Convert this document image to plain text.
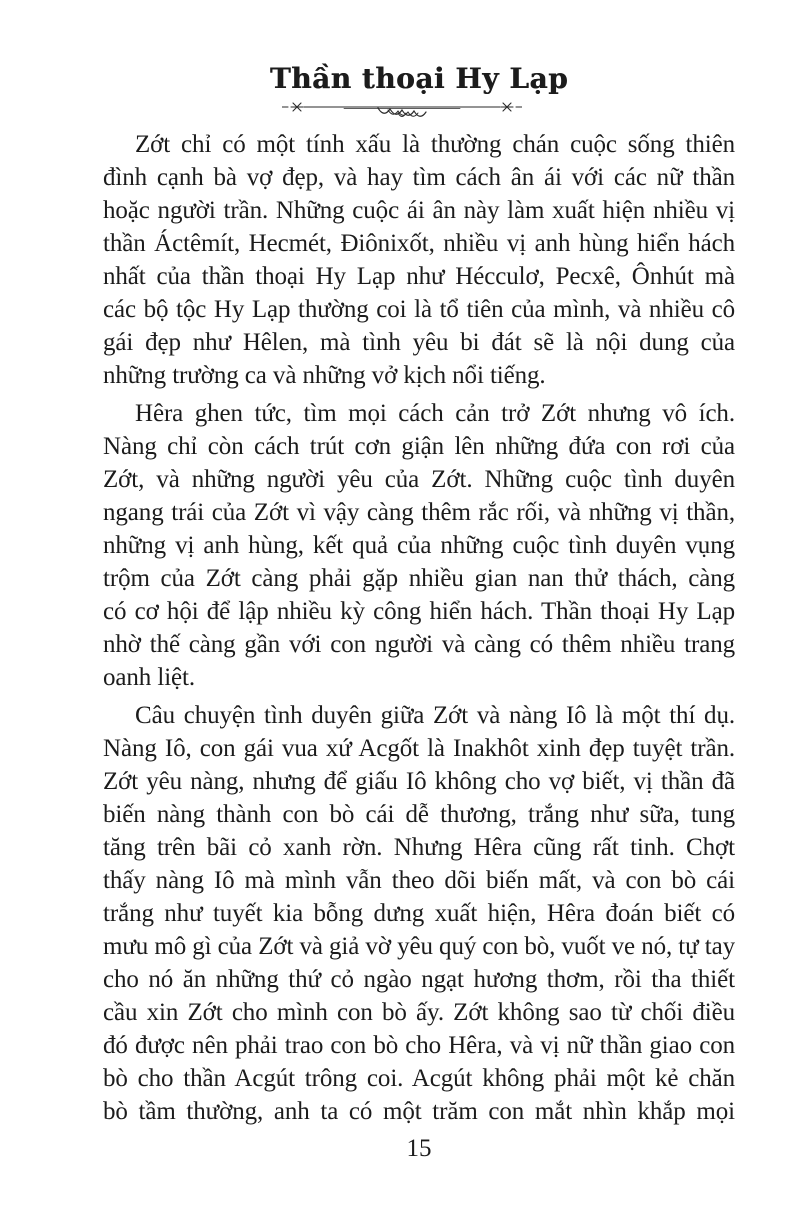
Thần thoại Hy Lạp
Zớt chỉ có một tính xấu là thường chán cuộc sống thiên
đình cạnh bà vợ đẹp, và hay tìm cách ân ái với các nữ thần
hoặc người trần. Những cuộc ái ân này làm xuất hiện nhiều vị
thần Áctêmít, Hecmét, Điônixốt, nhiều vị anh hùng hiển hách
nhất của thần thoại Hy Lạp như Hécculơ, Pecxê, Ônhút mà
các bộ tộc Hy Lạp thường coi là tổ tiên của mình, và nhiều cô
gái đẹp như Hêlen, mà tình yêu bi đát sẽ là nội dung của
những trường ca và những vở kịch nổi tiếng.
Hêra ghen tức, tìm mọi cách cản trở Zớt nhưng vô ích.
Nàng chỉ còn cách trút cơn giận lên những đứa con rơi của
Zớt, và những người yêu của Zớt. Những cuộc tình duyên
ngang trái của Zớt vì vậy càng thêm rắc rối, và những vị thần,
những vị anh hùng, kết quả của những cuộc tình duyên vụng
trộm của Zớt càng phải gặp nhiều gian nan thử thách, càng
có cơ hội để lập nhiều kỳ công hiển hách. Thần thoại Hy Lạp
nhờ thế càng gần với con người và càng có thêm nhiều trang
oanh liệt.
Câu chuyện tình duyên giữa Zớt và nàng Iô là một thí dụ.
Nàng Iô, con gái vua xứ Acgốt là Inakhôt xinh đẹp tuyệt trần.
Zớt yêu nàng, nhưng để giấu Iô không cho vợ biết, vị thần đã
biến nàng thành con bò cái dễ thương, trắng như sữa, tung
tăng trên bãi cỏ xanh rờn. Nhưng Hêra cũng rất tinh. Chợt
thấy nàng Iô mà mình vẫn theo dõi biến mất, và con bò cái
trắng như tuyết kia bỗng dưng xuất hiện, Hêra đoán biết có
mưu mô gì của Zớt và giả vờ yêu quý con bò, vuốt ve nó, tự tay
cho nó ăn những thứ cỏ ngào ngạt hương thơm, rồi tha thiết
cầu xin Zớt cho mình con bò ấy. Zớt không sao từ chối điều
đó được nên phải trao con bò cho Hêra, và vị nữ thần giao con
bò cho thần Acgút trông coi. Acgút không phải một kẻ chăn
bò tầm thường, anh ta có một trăm con mắt nhìn khắp mọi
15
